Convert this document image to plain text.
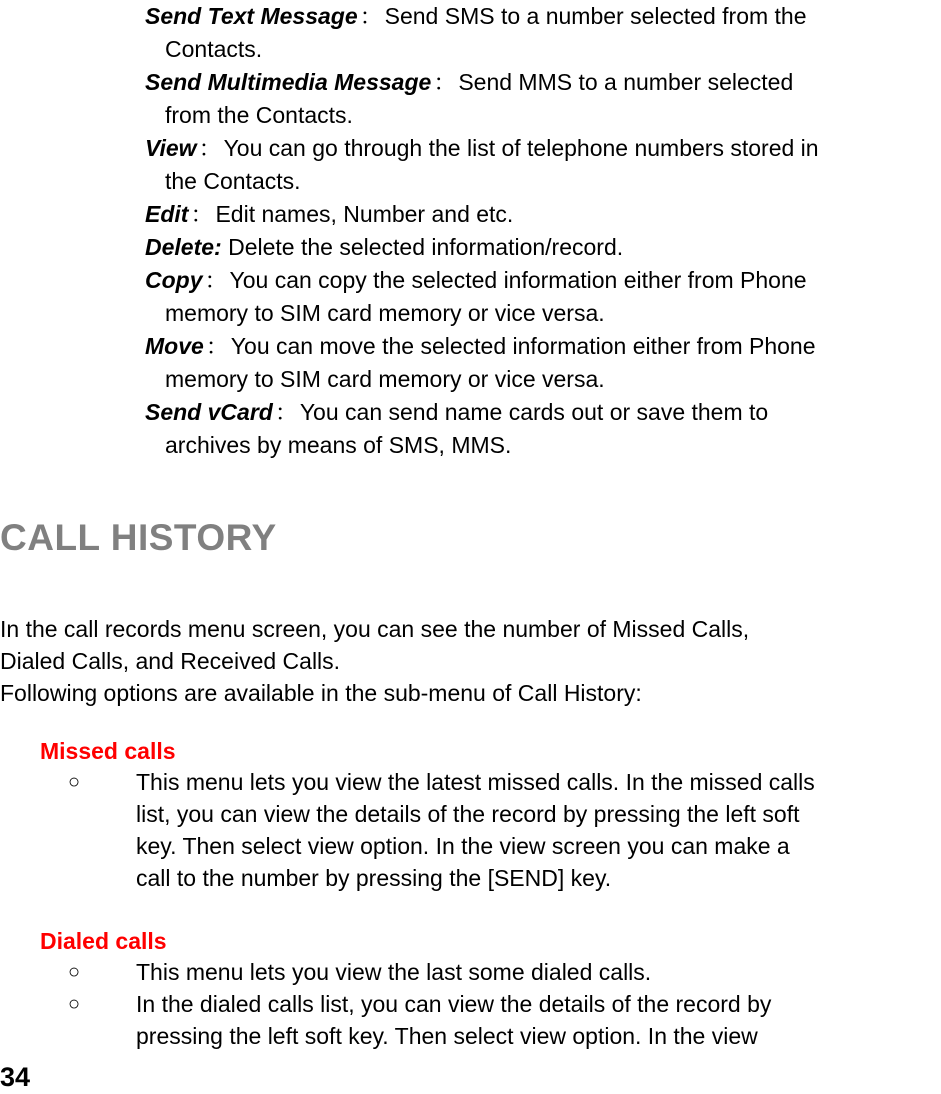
Send Text Message：Send SMS to a number selected from the
Contacts.
Send Multimedia Message：Send MMS to a number selected
from the Contacts.
View：You can go through the list of telephone numbers stored in
the Contacts.
Edit：Edit names, Number and etc.
Delete: Delete the selected information/record.
Copy：You can copy the selected information either from Phone
memory to SIM card memory or vice versa.
Move：You can move the selected information either from Phone
memory to SIM card memory or vice versa.
Send vCard：You can send name cards out or save them to
archives by means of SMS, MMS.
CALL HISTORY

In the call records menu screen, you can see the number of Missed Calls,

Dialed Calls, and Received Calls.

Following options are available in the sub-menu of Call History:

Missed calls
○ This menu lets you view the latest missed calls. In the missed calls
list, you can view the details of the record by pressing the left soft
key. Then select view option. In the view screen you can make a
call to the number by pressing the [SEND] key.
Dialed calls
○ This menu lets you view the last some dialed calls.
○ In the dialed calls list, you can view the details of the record by
pressing the left soft key. Then select view option. In the view
34
